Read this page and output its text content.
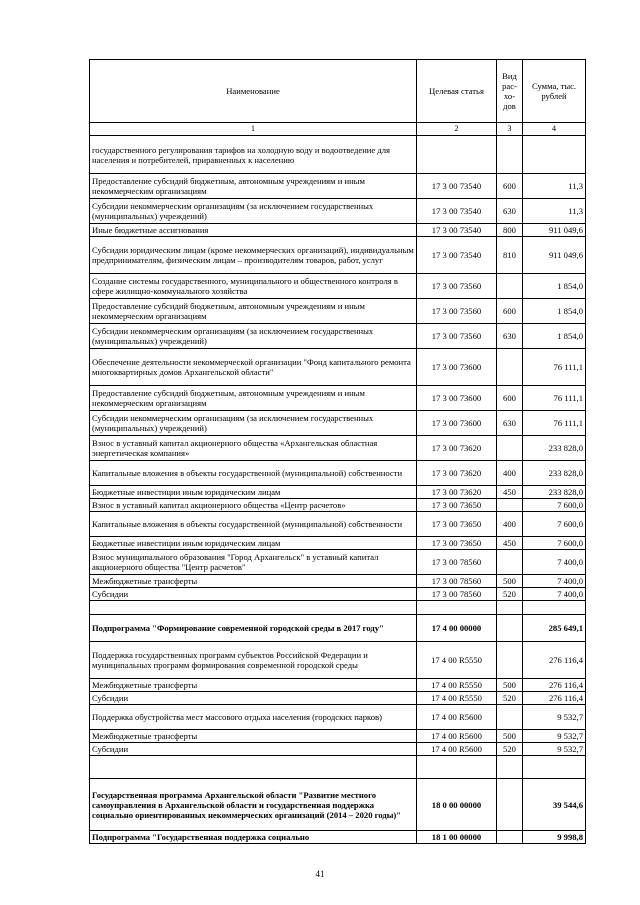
Наименование	Целевая статья	Вид рас-хо-дов	Сумма, тыс. рублей
1	2	3	4
государственного регулирования тарифов на холодную воду и водоотведение для населения и потребителей, приравненных к населению			
Предоставление субсидий бюджетным, автономным учреждениям и иным некоммерческим организациям	17 3 00 73540	600	11,3
Субсидии некоммерческим организациям (за исключением государственных (муниципальных) учреждений)	17 3 00 73540	630	11,3
Иные бюджетные ассигнования	17 3 00 73540	800	911 049,6
Субсидии юридическим лицам (кроме некоммерческих организаций), индивидуальным предпринимателям, физическим лицам – производителям товаров, работ, услуг	17 3 00 73540	810	911 049,6
Создание системы государственного, муниципального и общественного контроля в сфере жилищно-коммунального хозяйства	17 3 00 73560		1 854,0
Предоставление субсидий бюджетным, автономным учреждениям и иным некоммерческим организациям	17 3 00 73560	600	1 854,0
Субсидии некоммерческим организациям (за исключением государственных (муниципальных) учреждений)	17 3 00 73560	630	1 854,0
Обеспечение деятельности некоммерческой организации "Фонд капитального ремонта многоквартирных домов Архангельской области"	17 3 00 73600		76 111,1
Предоставление субсидий бюджетным, автономным учреждениям и иным некоммерческим организациям	17 3 00 73600	600	76 111,1
Субсидии некоммерческим организациям (за исключением государственных (муниципальных) учреждений)	17 3 00 73600	630	76 111,1
Взнос в уставный капитал акционерного общества «Архангельская областная энергетическая компания»	17 3 00 73620		233 828,0
Капитальные вложения в объекты государственной (муниципальной) собственности	17 3 00 73620	400	233 828,0
Бюджетные инвестиции иным юридическим лицам	17 3 00 73620	450	233 828,0
Взнос в уставный капитал акционерного общества «Центр расчетов»	17 3 00 73650		7 600,0
Капитальные вложения в объекты государственной (муниципальной) собственности	17 3 00 73650	400	7 600,0
Бюджетные инвестиции иным юридическим лицам	17 3 00 73650	450	7 600,0
Взнос муниципального образования "Город Архангельск" в уставный капитал акционерного общества "Центр расчетов"	17 3 00 78560		7 400,0
Межбюджетные трансферты	17 3 00 78560	500	7 400,0
Субсидии	17 3 00 78560	520	7 400,0

Подпрограмма "Формирование современной городской среды в 2017 году"	17 4 00 00000		285 649,1
Поддержка государственных программ субъектов Российской Федерации и муниципальных программ формирования современной городской среды	17 4 00 R5550		276 116,4
Межбюджетные трансферты	17 4 00 R5550	500	276 116,4
Субсидии	17 4 00 R5550	520	276 116,4
Поддержка обустройства мест массового отдыха населения (городских парков)	17 4 00 R5600		9 532,7
Межбюджетные трансферты	17 4 00 R5600	500	9 532,7
Субсидии	17 4 00 R5600	520	9 532,7

Государственная программа Архангельской области "Развитие местного самоуправления в Архангельской области и государственная поддержка социально ориентированных некоммерческих организаций (2014 – 2020 годы)"	18 0 00 00000		39 544,6
Подпрограмма "Государственная поддержка социально	18 1 00 00000		9 998,8
41
